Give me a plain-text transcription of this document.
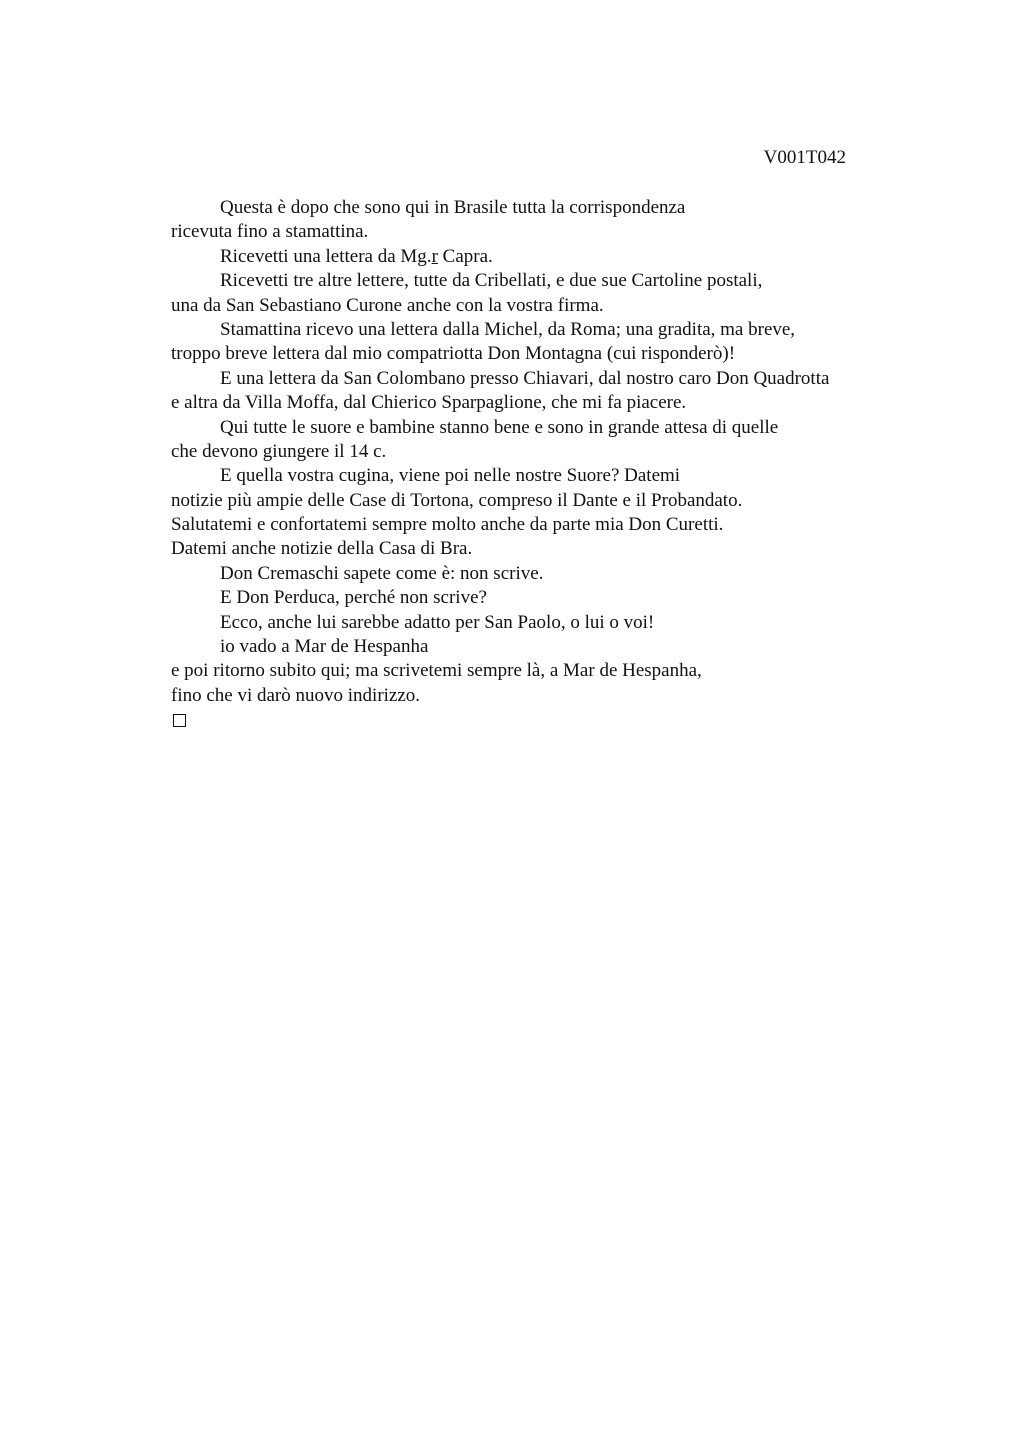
V001T042
Questa è dopo che sono qui in Brasile tutta la corrispondenza
ricevuta fino a stamattina.
Ricevetti una lettera da Mg.r Capra.
Ricevetti tre altre lettere, tutte da Cribellati, e due sue Cartoline postali,
una da San Sebastiano Curone anche con la vostra firma.
Stamattina ricevo una lettera dalla Michel, da Roma; una gradita, ma breve,
troppo breve lettera dal mio compatriotta Don Montagna (cui risponderò)!
E una lettera da San Colombano presso Chiavari, dal nostro caro Don Quadrotta
e altra da Villa Moffa, dal Chierico Sparpaglione, che mi fa piacere.
Qui tutte le suore e bambine stanno bene e sono in grande attesa di quelle
che devono giungere il 14 c.
E quella vostra cugina, viene poi nelle nostre Suore? Datemi
notizie più ampie delle Case di Tortona, compreso il Dante e il Probandato.
Salutatemi e confortatemi sempre molto anche da parte mia Don Curetti.
Datemi anche notizie della Casa di Bra.
Don Cremaschi sapete come è: non scrive.
E Don Perduca, perché non scrive?
Ecco, anche lui sarebbe adatto per San Paolo, o lui o voi!
io vado a Mar de Hespanha
e poi ritorno subito qui; ma scrivetemi sempre là, a Mar de Hespanha,
fino che vi darò nuovo indirizzo.
